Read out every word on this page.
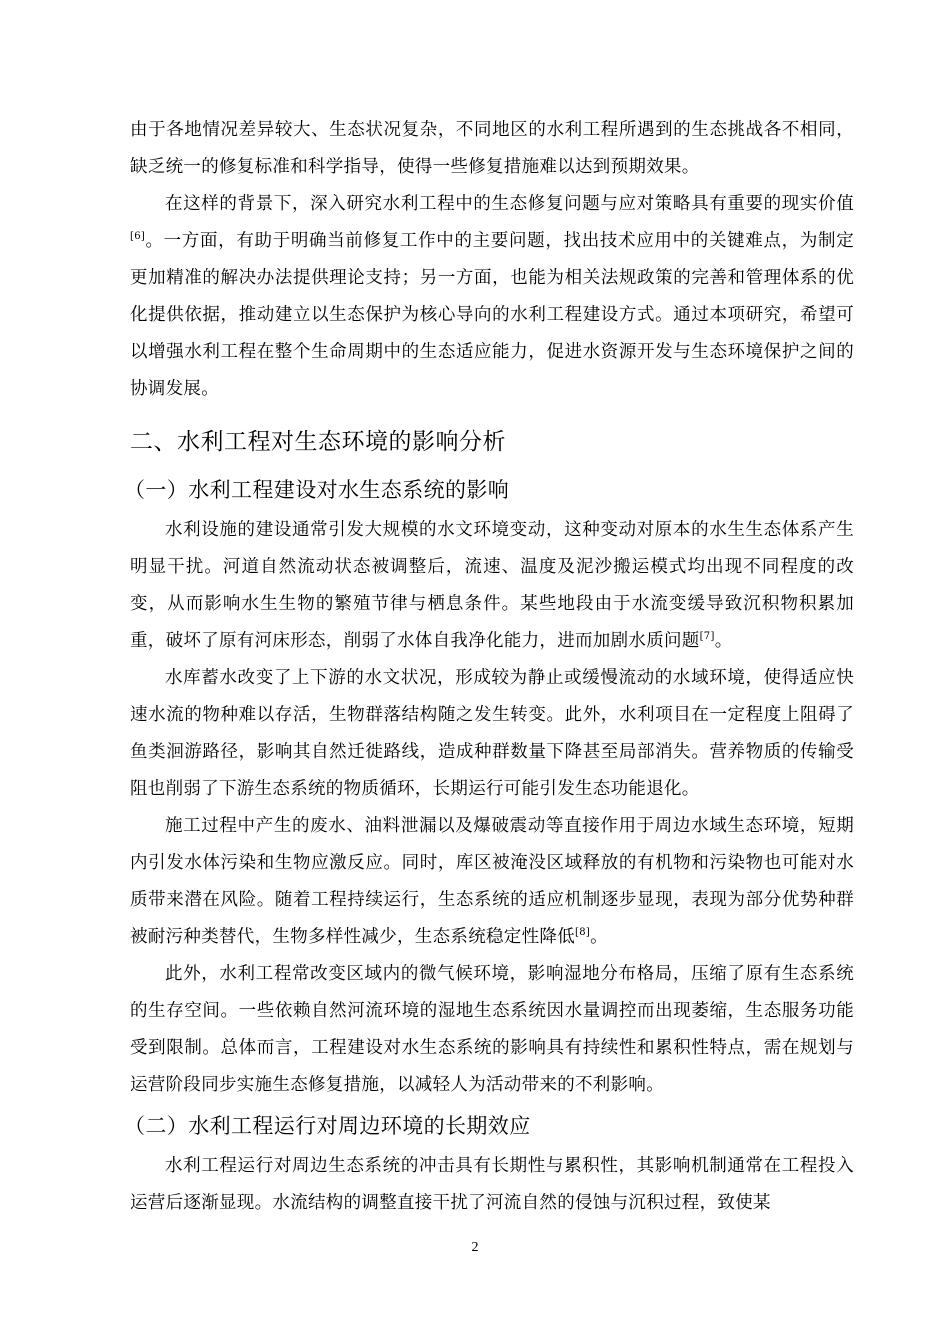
由于各地情况差异较大、生态状况复杂，不同地区的水利工程所遇到的生态挑战各不相同，缺乏统一的修复标准和科学指导，使得一些修复措施难以达到预期效果。

在这样的背景下，深入研究水利工程中的生态修复问题与应对策略具有重要的现实价值[6]。一方面，有助于明确当前修复工作中的主要问题，找出技术应用中的关键难点，为制定更加精准的解决办法提供理论支持；另一方面，也能为相关法规政策的完善和管理体系的优化提供依据，推动建立以生态保护为核心导向的水利工程建设方式。通过本项研究，希望可以增强水利工程在整个生命周期中的生态适应能力，促进水资源开发与生态环境保护之间的协调发展。

二、水利工程对生态环境的影响分析
（一）水利工程建设对水生态系统的影响

水利设施的建设通常引发大规模的水文环境变动，这种变动对原本的水生生态体系产生明显干扰。河道自然流动状态被调整后，流速、温度及泥沙搬运模式均出现不同程度的改变，从而影响水生生物的繁殖节律与栖息条件。某些地段由于水流变缓导致沉积物积累加重，破坏了原有河床形态，削弱了水体自我净化能力，进而加剧水质问题[7]。

水库蓄水改变了上下游的水文状况，形成较为静止或缓慢流动的水域环境，使得适应快速水流的物种难以存活，生物群落结构随之发生转变。此外，水利项目在一定程度上阻碍了鱼类洄游路径，影响其自然迁徙路线，造成种群数量下降甚至局部消失。营养物质的传输受阻也削弱了下游生态系统的物质循环，长期运行可能引发生态功能退化。

施工过程中产生的废水、油料泄漏以及爆破震动等直接作用于周边水域生态环境，短期内引发水体污染和生物应激反应。同时，库区被淹没区域释放的有机物和污染物也可能对水质带来潜在风险。随着工程持续运行，生态系统的适应机制逐步显现，表现为部分优势种群被耐污种类替代，生物多样性减少，生态系统稳定性降低[8]。

此外，水利工程常改变区域内的微气候环境，影响湿地分布格局，压缩了原有生态系统的生存空间。一些依赖自然河流环境的湿地生态系统因水量调控而出现萎缩，生态服务功能受到限制。总体而言，工程建设对水生态系统的影响具有持续性和累积性特点，需在规划与运营阶段同步实施生态修复措施，以减轻人为活动带来的不利影响。

（二）水利工程运行对周边环境的长期效应

水利工程运行对周边生态系统的冲击具有长期性与累积性，其影响机制通常在工程投入运营后逐渐显现。水流结构的调整直接干扰了河流自然的侵蚀与沉积过程，致使某

2
